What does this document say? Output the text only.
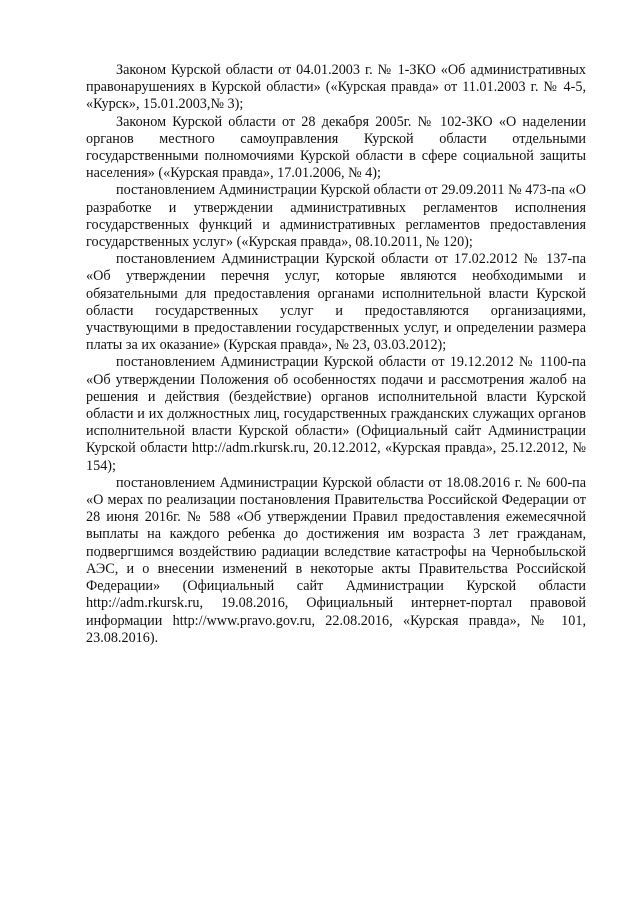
Законом Курской области от 04.01.2003 г. № 1-ЗКО «Об административных правонарушениях в Курской области» («Курская правда» от 11.01.2003 г. № 4-5, «Курск», 15.01.2003,№ 3);

Законом Курской области от 28 декабря 2005г. № 102-ЗКО «О наделении органов местного самоуправления Курской области отдельными государственными полномочиями Курской области в сфере социальной защиты населения» («Курская правда», 17.01.2006, № 4);

постановлением Администрации Курской области от 29.09.2011 № 473-па «О разработке и утверждении административных регламентов исполнения государственных функций и административных регламентов предоставления государственных услуг» («Курская правда», 08.10.2011, № 120);

постановлением Администрации Курской области от 17.02.2012 № 137-па «Об утверждении перечня услуг, которые являются необходимыми и обязательными для предоставления органами исполнительной власти Курской области государственных услуг и предоставляются организациями, участвующими в предоставлении государственных услуг, и определении размера платы за их оказание» (Курская правда», № 23, 03.03.2012);

постановлением Администрации Курской области от 19.12.2012 № 1100-па «Об утверждении Положения об особенностях подачи и рассмотрения жалоб на решения и действия (бездействие) органов исполнительной власти Курской области и их должностных лиц, государственных гражданских служащих органов исполнительной власти Курской области» (Официальный сайт Администрации Курской области http://adm.rkursk.ru, 20.12.2012, «Курская правда», 25.12.2012, № 154);

постановлением Администрации Курской области от 18.08.2016 г. № 600-па «О мерах по реализации постановления Правительства Российской Федерации от 28 июня 2016г. № 588 «Об утверждении Правил предоставления ежемесячной выплаты на каждого ребенка до достижения им возраста 3 лет гражданам, подвергшимся воздействию радиации вследствие катастрофы на Чернобыльской АЭС, и о внесении изменений в некоторые акты Правительства Российской Федерации» (Официальный сайт Администрации Курской области http://adm.rkursk.ru, 19.08.2016, Официальный интернет-портал правовой информации http://www.pravo.gov.ru, 22.08.2016, «Курская правда», № 101, 23.08.2016).
